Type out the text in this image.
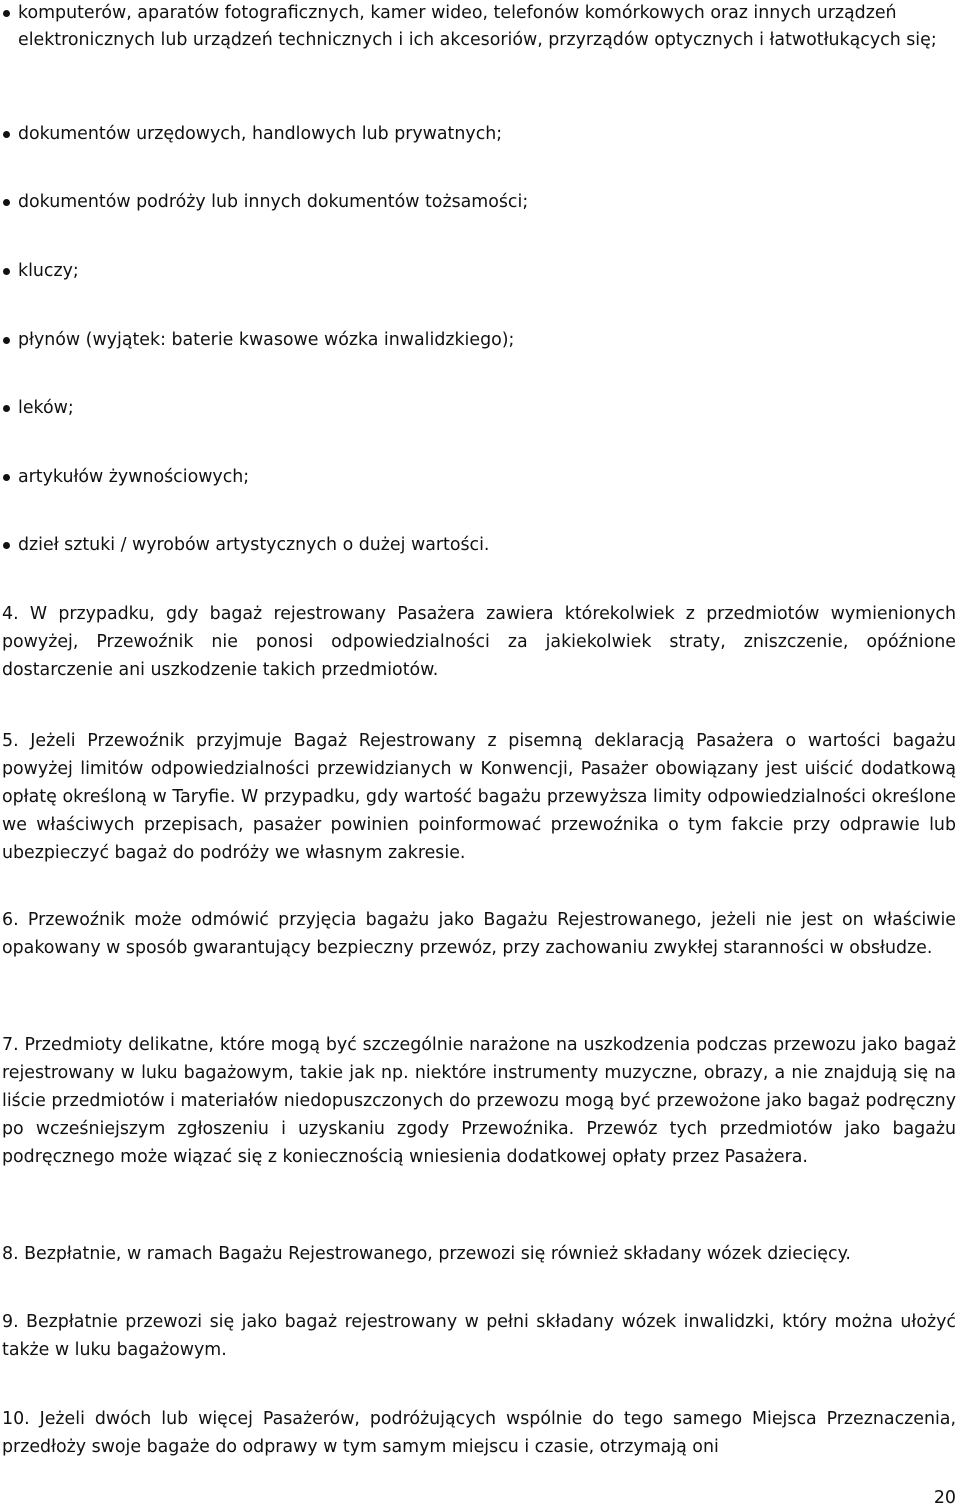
komputerów, aparatów fotograficznych, kamer wideo, telefonów komórkowych oraz innych urządzeń elektronicznych lub urządzeń technicznych i ich akcesoriów, przyrządów optycznych i łatwotłukących się;
dokumentów urzędowych, handlowych lub prywatnych;
dokumentów podróży lub innych dokumentów tożsamości;
kluczy;
płynów (wyjątek: baterie kwasowe wózka inwalidzkiego);
leków;
artykułów żywnościowych;
dzieł sztuki / wyrobów artystycznych o dużej wartości.

4. W przypadku, gdy bagaż rejestrowany Pasażera zawiera którekolwiek z przedmiotów wymienionych powyżej, Przewoźnik nie ponosi odpowiedzialności za jakiekolwiek straty, zniszczenie, opóźnione dostarczenie ani uszkodzenie takich przedmiotów.

5. Jeżeli Przewoźnik przyjmuje Bagaż Rejestrowany z pisemną deklaracją Pasażera o wartości bagażu powyżej limitów odpowiedzialności przewidzianych w Konwencji, Pasażer obowiązany jest uiścić dodatkową opłatę określoną w Taryfie. W przypadku, gdy wartość bagażu przewyższa limity odpowiedzialności określone we właściwych przepisach, pasażer powinien poinformować przewoźnika o tym fakcie przy odprawie lub ubezpieczyć bagaż do podróży we własnym zakresie.

6. Przewoźnik może odmówić przyjęcia bagażu jako Bagażu Rejestrowanego, jeżeli nie jest on właściwie opakowany w sposób gwarantujący bezpieczny przewóz, przy zachowaniu zwykłej staranności w obsłudze.

7. Przedmioty delikatne, które mogą być szczególnie narażone na uszkodzenia podczas przewozu jako bagaż rejestrowany w luku bagażowym, takie jak np. niektóre instrumenty muzyczne, obrazy, a nie znajdują się na liście przedmiotów i materiałów niedopuszczonych do przewozu mogą być przewożone jako bagaż podręczny po wcześniejszym zgłoszeniu i uzyskaniu zgody Przewoźnika. Przewóz tych przedmiotów jako bagażu podręcznego może wiązać się z koniecznością wniesienia dodatkowej opłaty przez Pasażera.

8. Bezpłatnie, w ramach Bagażu Rejestrowanego, przewozi się również składany wózek dziecięcy.

9. Bezpłatnie przewozi się jako bagaż rejestrowany w pełni składany wózek inwalidzki, który można ułożyć także w luku bagażowym.

10. Jeżeli dwóch lub więcej Pasażerów, podróżujących wspólnie do tego samego Miejsca Przeznaczenia, przedłoży swoje bagaże do odprawy w tym samym miejscu i czasie, otrzymają oni

20
